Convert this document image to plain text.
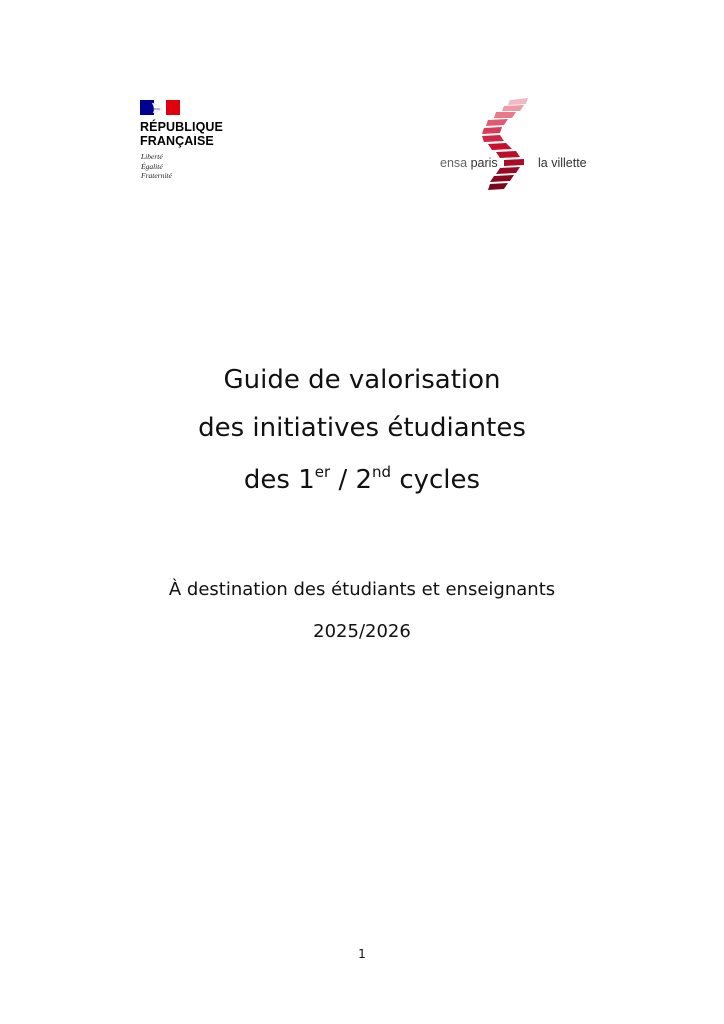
RÉPUBLIQUE
FRANÇAISE
Liberté
Égalité
Fraternité
ensa paris	la villette
Guide de valorisation
des initiatives étudiantes
des 1er / 2nd cycles
À destination des étudiants et enseignants
2025/2026
1
